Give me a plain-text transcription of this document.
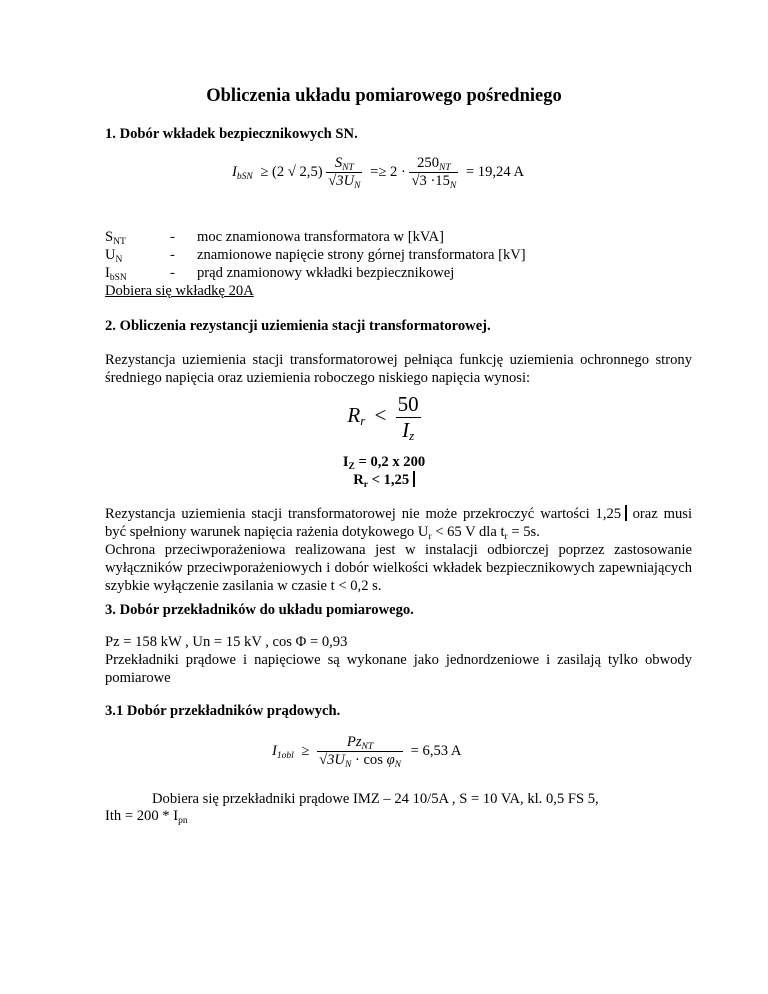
Obliczenia układu pomiarowego pośredniego
1. Dobór wkładek bezpiecznikowych SN.
$I_{bSN} \ge (2$ √ $2,5) \frac{S_{NT}}{√3U_N} =\ge 2 \cdot \frac{250_{NT}}{√3 \cdot 15_N} = 19,24$ A
$S_{NT}$	- moc znamionowa transformatora w [kVA]
$U_N$	- znamionowe napięcie strony górnej transformatora [kV]
$I_{bSN}$	- prąd znamionowy wkładki bezpiecznikowej
Dobiera się wkładkę 20A
2. Obliczenia rezystancji uziemienia stacji transformatorowej.
Rezystancja uziemienia stacji transformatorowej pełniąca funkcję uziemienia ochronnego strony średniego napięcia oraz uziemienia roboczego niskiego napięcia wynosi:
$R_r < \frac{50}{I_z}$
$I_Z = 0,2$ x 200
$R_r < 1,25$
Rezystancja uziemienia stacji transformatorowej nie może przekroczyć wartości 1,25 oraz musi być spełniony warunek napięcia rażenia dotykowego $U_r < 65$ V dla $t_r = 5s$.
Ochrona przeciwporażeniowa realizowana jest w instalacji odbiorczej poprzez zastosowanie wyłączników przeciwporażeniowych i dobór wielkości wkładek bezpiecznikowych zapewniających szybkie wyłączenie zasilania w czasie t < 0,2 s.
3. Dobór przekładników do układu pomiarowego.
Pz = 158 kW , Un = 15 kV , cos Φ = 0,93
Przekładniki prądowe i napięciowe są wykonane jako jednordzeniowe i zasilają tylko obwody pomiarowe
3.1 Dobór przekładników prądowych.
$I_{1obl} \ge \frac{Pz_{NT}}{√3U_N \cdot \cos \varphi_N} = 6,53$ A
Dobiera się przekładniki prądowe IMZ – 24 10/5A , S = 10 VA, kl. 0,5 FS 5,
Ith = $200 * I_{pn}$
